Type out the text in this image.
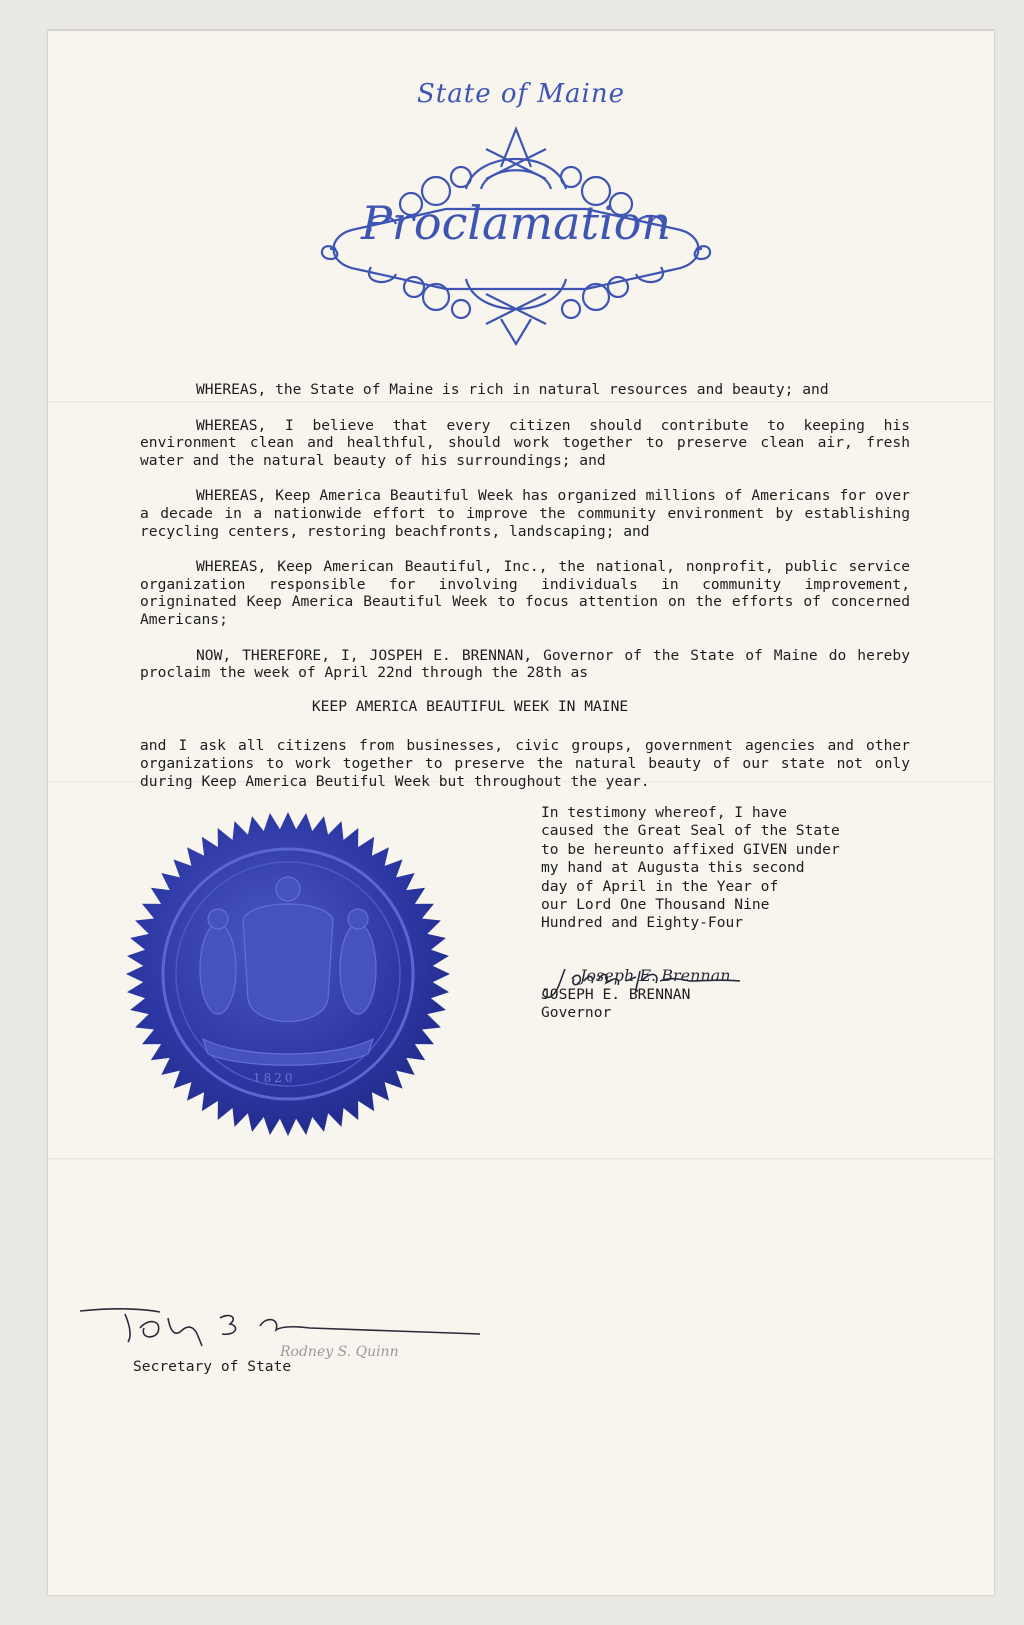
State of Maine
Proclamation

WHEREAS, the State of Maine is rich in natural resources and beauty; and

WHEREAS, I believe that every citizen should contribute to keeping his environment clean and healthful, should work together to preserve clean air, fresh water and the natural beauty of his surroundings; and

WHEREAS, Keep America Beautiful Week has organized millions of Americans for over a decade in a nationwide effort to improve the community environment by establishing recycling centers, restoring beachfronts, landscaping; and

WHEREAS, Keep American Beautiful, Inc., the national, nonprofit, public service organization responsible for involving individuals in community improvement, origninated Keep America Beautiful Week to focus attention on the efforts of concerned Americans;

NOW, THEREFORE, I, JOSPEH E. BRENNAN, Governor of the State of Maine do hereby proclaim the week of April 22nd through the 28th as

KEEP AMERICA BEAUTIFUL WEEK IN MAINE

and I ask all citizens from businesses, civic groups, government agencies and other organizations to work together to preserve the natural beauty of our state not only during Keep America Beutiful Week but throughout the year.

1820
In testimony whereof, I have
caused the Great Seal of the State
to be hereunto affixed GIVEN under
my hand at Augusta this second
day of April in the Year of
our Lord One Thousand Nine
Hundred and Eighty-Four
Joseph E. Brennan
JOSEPH E. BRENNAN
Governor
Rodney S. Quinn
Secretary of State
